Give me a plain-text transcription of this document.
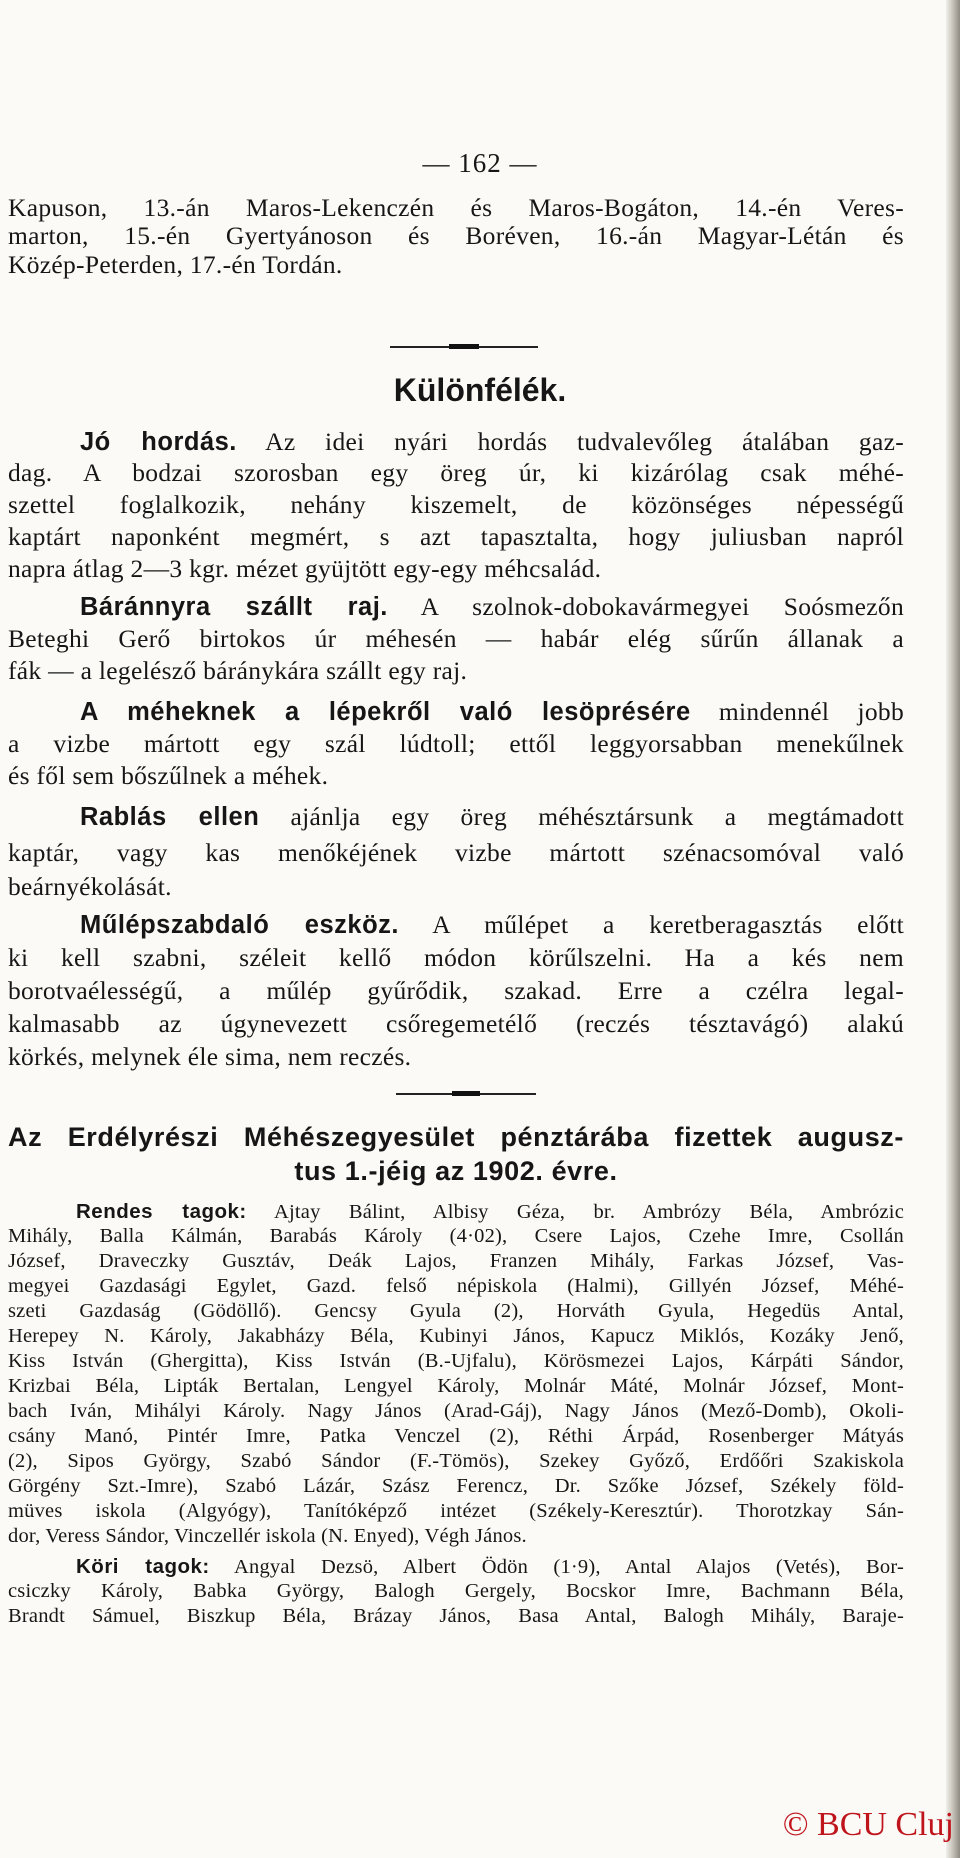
— 162 —
Kapuson, 13.-án Maros-Lekenczén és Maros-Bogáton, 14.-én Veres-
marton, 15.-én Gyertyánoson és Boréven, 16.-án Magyar-Létán és
Közép-Peterden, 17.-én Tordán.
Különfélék.
Jó hordás. Az idei nyári hordás tudvalevőleg átalában gaz-
dag. A bodzai szorosban egy öreg úr, ki kizárólag csak méhé-
szettel foglalkozik, nehány kiszemelt, de közönséges népességű
kaptárt naponként megmért, s azt tapasztalta, hogy juliusban napról
napra átlag 2—3 kgr. mézet gyüjtött egy-egy méhcsalád.
Báránnyra szállt raj. A szolnok-dobokavármegyei Soósmezőn
Beteghi Gerő birtokos úr méhesén — habár elég sűrűn állanak a
fák — a legelésző báránykára szállt egy raj.
A méheknek a lépekről való lesöprésére mindennél jobb
a vizbe mártott egy szál lúdtoll; ettől leggyorsabban menekűlnek
és fől sem bőszűlnek a méhek.
Rablás ellen ajánlja egy öreg méhésztársunk a megtámadott
kaptár, vagy kas menőkéjének vizbe mártott szénacsomóval való
beárnyékolását.
Műlépszabdaló eszköz. A műlépet a keretberagasztás előtt
ki kell szabni, széleit kellő módon körűlszelni. Ha a kés nem
borotvaélességű, a műlép gyűrődik, szakad. Erre a czélra legal-
kalmasabb az úgynevezett csőregemetélő (reczés tésztavágó) alakú
körkés, melynek éle sima, nem reczés.
Az Erdélyrészi Méhészegyesület pénztárába fizettek augusz-
tus 1.-jéig az 1902. évre.
Rendes tagok: Ajtay Bálint, Albisy Géza, br. Ambrózy Béla, Ambrózic
Mihály, Balla Kálmán, Barabás Károly (4·02), Csere Lajos, Czehe Imre, Csollán
József, Draveczky Gusztáv, Deák Lajos, Franzen Mihály, Farkas József, Vas-
megyei Gazdasági Egylet, Gazd. felső népiskola (Halmi), Gillyén József, Méhé-
szeti Gazdaság (Gödöllő). Gencsy Gyula (2), Horváth Gyula, Hegedüs Antal,
Herepey N. Károly, Jakabházy Béla, Kubinyi János, Kapucz Miklós, Kozáky Jenő,
Kiss István (Ghergitta), Kiss István (B.-Ujfalu), Körösmezei Lajos, Kárpáti Sándor,
Krizbai Béla, Lipták Bertalan, Lengyel Károly, Molnár Máté, Molnár József, Mont-
bach Iván, Mihályi Károly. Nagy János (Arad-Gáj), Nagy János (Mező-Domb), Okoli-
csány Manó, Pintér Imre, Patka Venczel (2), Réthi Árpád, Rosenberger Mátyás
(2), Sipos György, Szabó Sándor (F.-Tömös), Szekey Győző, Erdőőri Szakiskola
Görgény Szt.-Imre), Szabó Lázár, Szász Ferencz, Dr. Szőke József, Székely föld-
müves iskola (Algyógy), Tanítóképző intézet (Székely-Keresztúr). Thorotzkay Sán-
dor, Veress Sándor, Vinczellér iskola (N. Enyed), Végh János.
Köri tagok: Angyal Dezsö, Albert Ödön (1·9), Antal Alajos (Vetés), Bor-
csiczky Károly, Babka György, Balogh Gergely, Bocskor Imre, Bachmann Béla,
Brandt Sámuel, Biszkup Béla, Brázay János, Basa Antal, Balogh Mihály, Baraje-
© BCU Cluj
